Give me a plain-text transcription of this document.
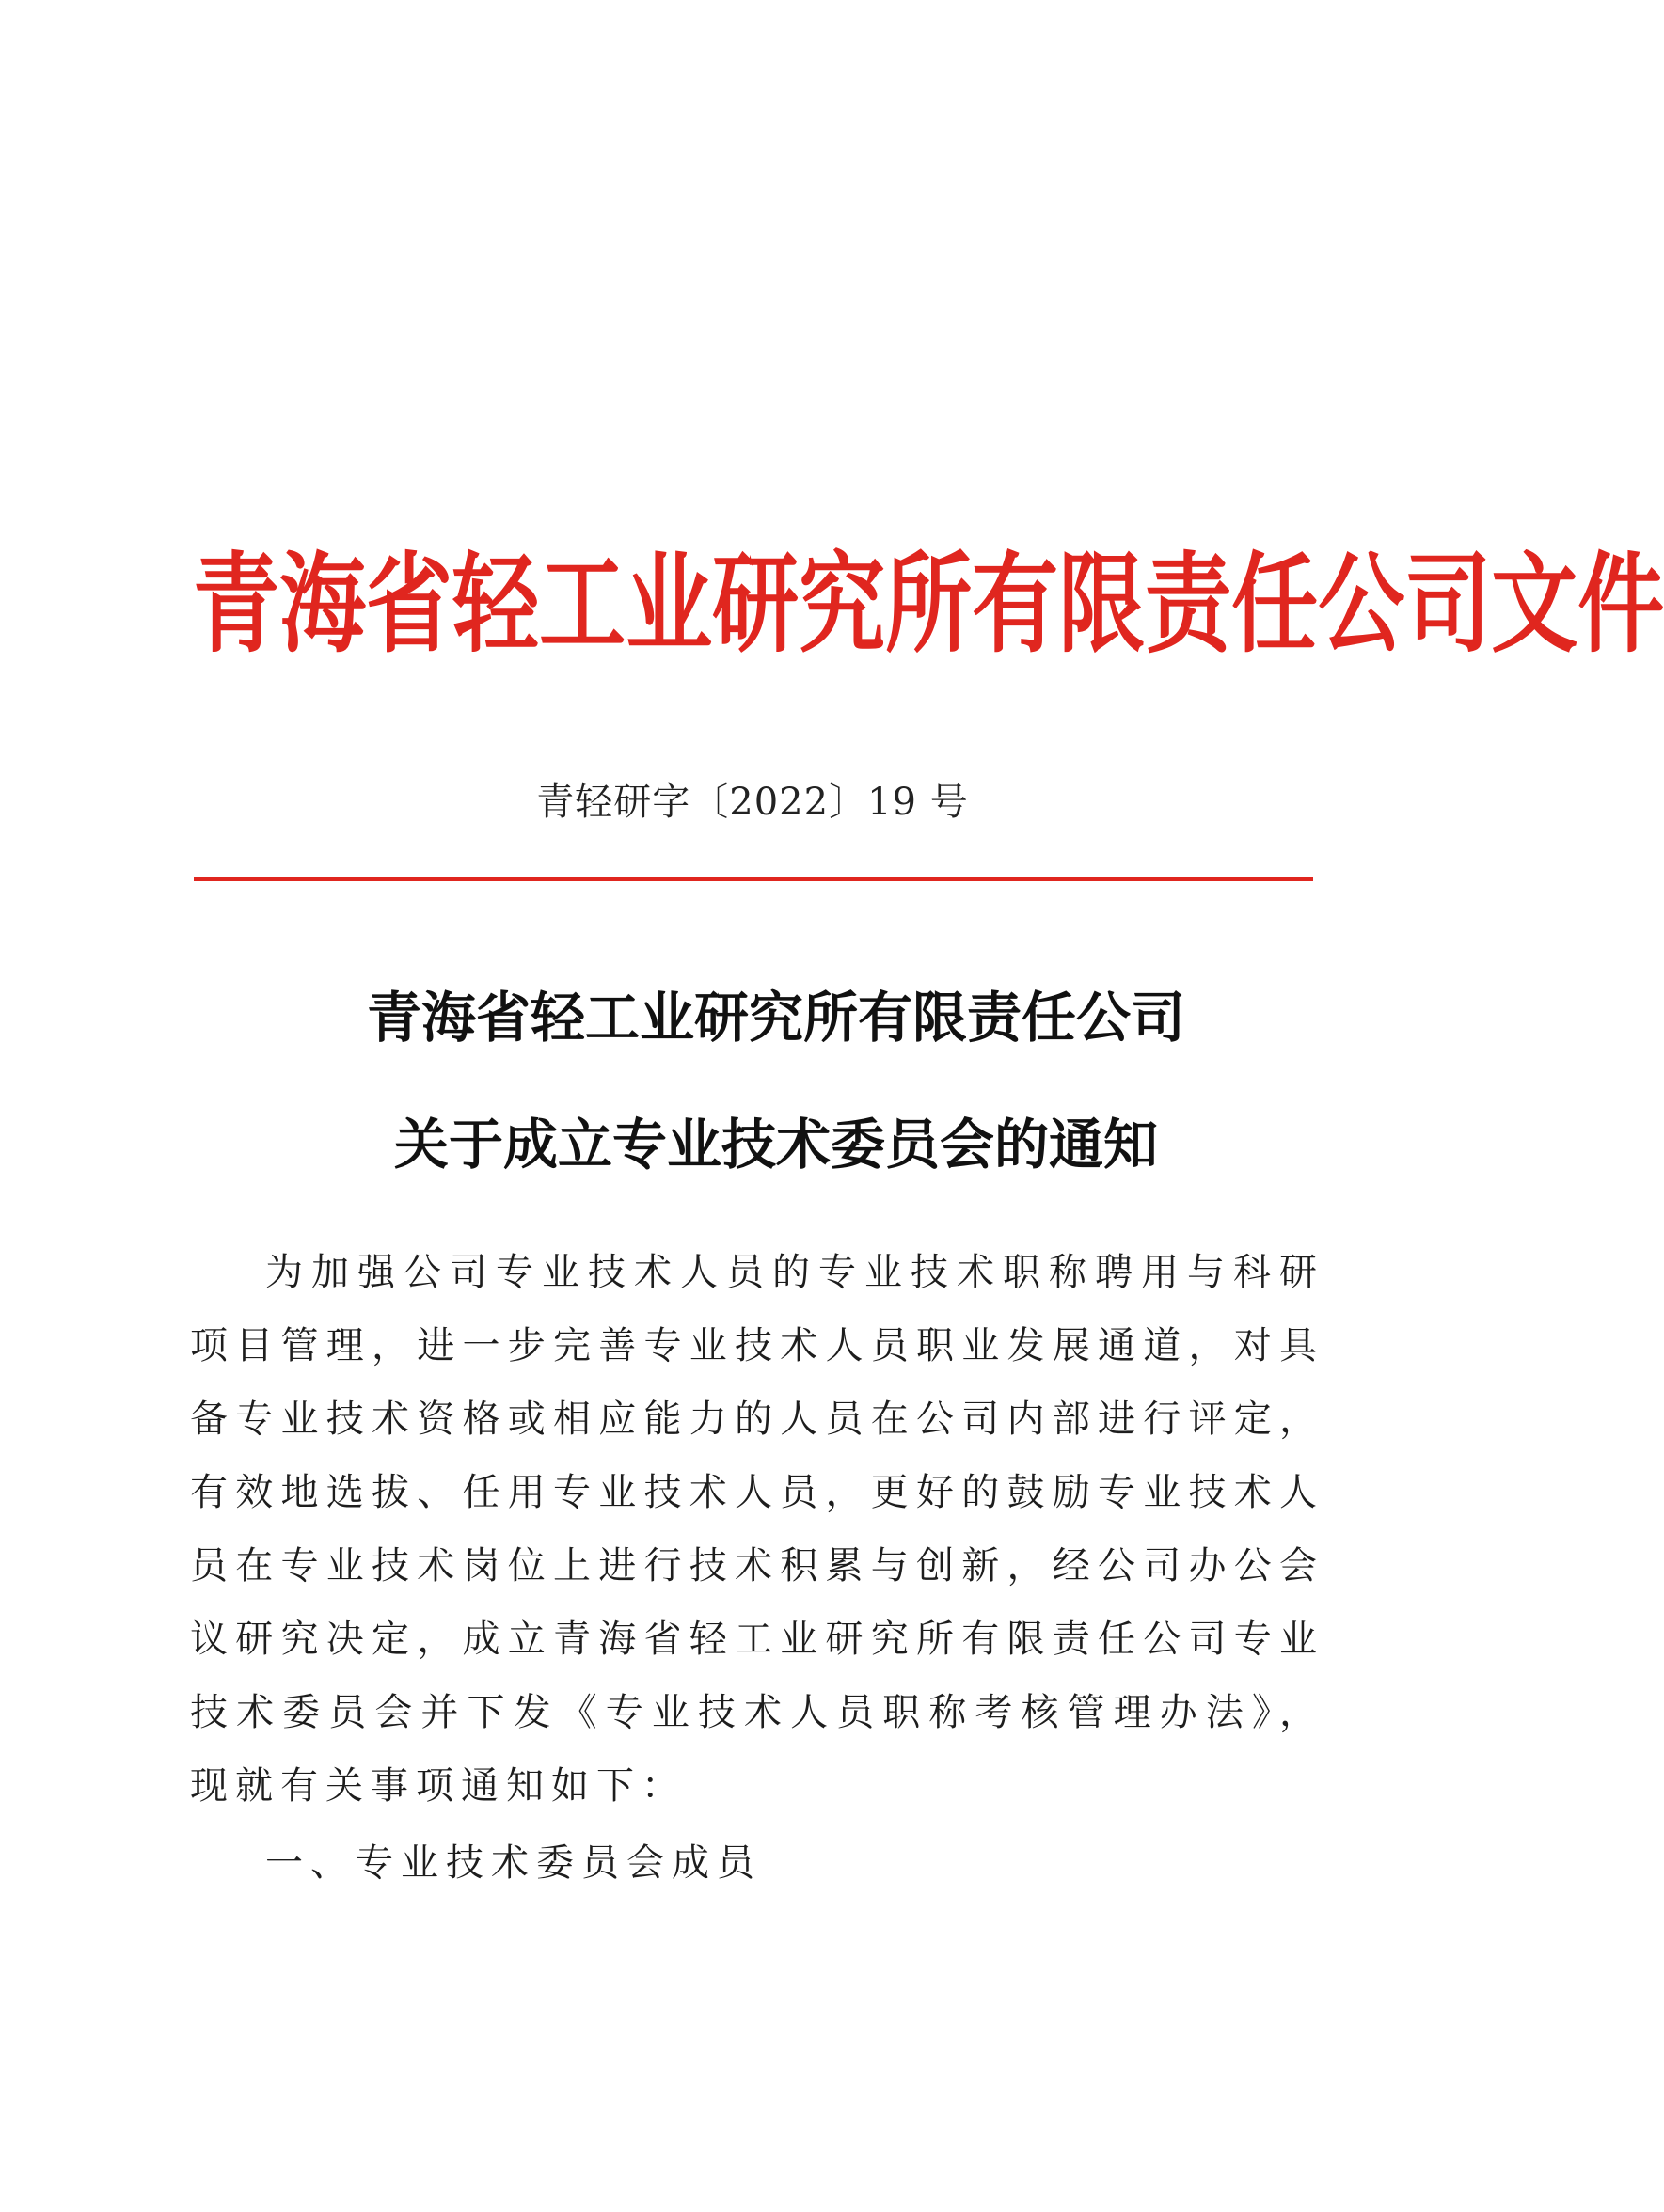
青 海 省 轻 工 业 研 究 所 有 限 责 任 公 司 文 件
青轻研字〔2022〕19 号
青海省轻工业研究所有限责任公司
关于成立专业技术委员会的通知

为加强公司专业技术人员的专业技术职称聘用与科研项目管理，进一步完善专业技术人员职业发展通道，对具备专业技术资格或相应能力的人员在公司内部进行评定，有效地选拔、任用专业技术人员，更好的鼓励专业技术人员在专业技术岗位上进行技术积累与创新，经公司办公会议研究决定，成立青海省轻工业研究所有限责任公司专业技术委员会并下发《专业技术人员职称考核管理办法》，现就有关事项通知如下：

一、专业技术委员会成员
